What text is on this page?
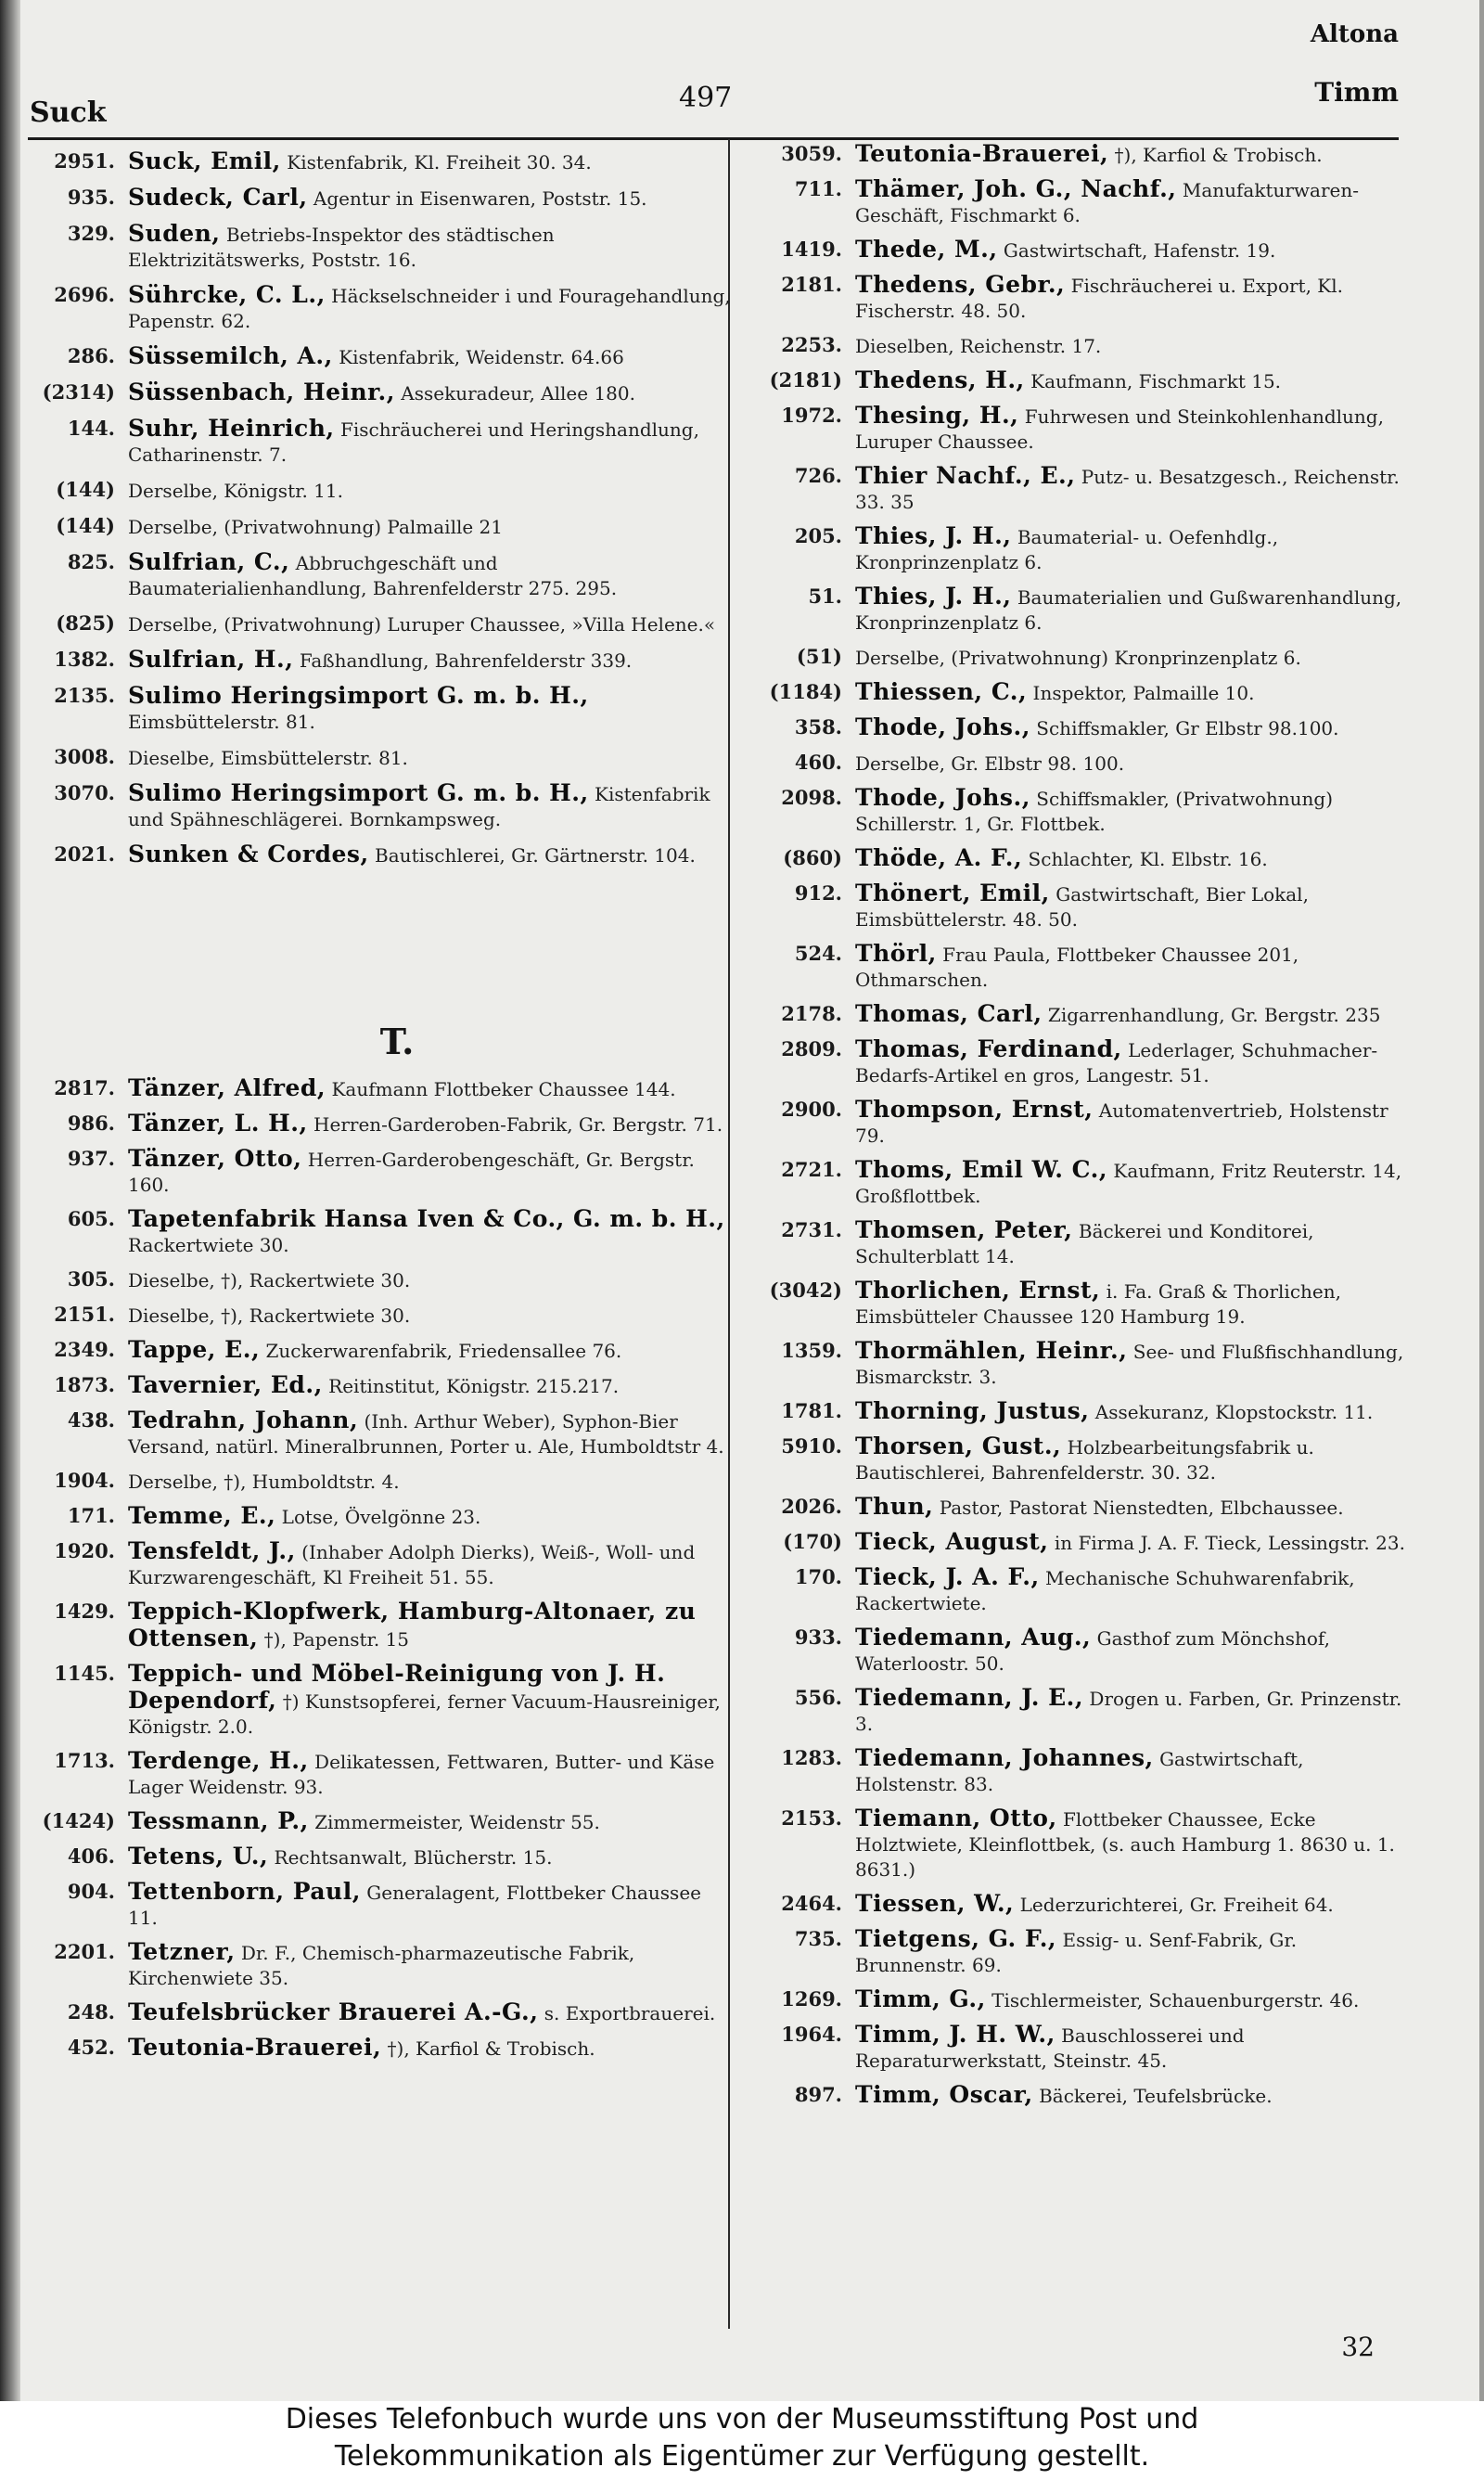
Suck	497
Altona
Timm
2951. Suck, Emil, Kistenfabrik, Kl. Freiheit 30. 34.
935. Sudeck, Carl, Agentur in Eisenwaren, Poststr. 15.
329. Suden, Betriebs-Inspektor des städtischen Elektrizitätswerks, Poststr. 16.
2696. Sührcke, C. L., Häckselschneider i und Fouragehandlung, Papenstr. 62.
286. Süssemilch, A., Kistenfabrik, Weidenstr. 64.66
(2314) Süssenbach, Heinr., Assekuradeur, Allee 180.
144. Suhr, Heinrich, Fischräucherei und Heringshandlung, Catharinenstr. 7.
(144) Derselbe, Königstr. 11.
(144) Derselbe, (Privatwohnung) Palmaille 21
825. Sulfrian, C., Abbruchgeschäft und Baumaterialienhandlung, Bahrenfelderstr 275. 295.
(825) Derselbe, (Privatwohnung) Luruper Chaussee, »Villa Helene.«
1382. Sulfrian, H., Faßhandlung, Bahrenfelderstr 339.
2135. Sulimo Heringsimport G. m. b. H., Eimsbüttelerstr. 81.
3008. Dieselbe, Eimsbüttelerstr. 81.
3070. Sulimo Heringsimport G. m. b. H., Kistenfabrik und Spähneschlägerei. Bornkampsweg.
2021. Sunken & Cordes, Bautischlerei, Gr. Gärtnerstr. 104.
T.
2817. Tänzer, Alfred, Kaufmann Flottbeker Chaussee 144.
986. Tänzer, L. H., Herren-Garderoben-Fabrik, Gr. Bergstr. 71.
937. Tänzer, Otto, Herren-Garderobengeschäft, Gr. Bergstr. 160.
605. Tapetenfabrik Hansa Iven & Co., G. m. b. H., Rackertwiete 30.
305. Dieselbe, †), Rackertwiete 30.
2151. Dieselbe, †), Rackertwiete 30.
2349. Tappe, E., Zuckerwarenfabrik, Friedensallee 76.
1873. Tavernier, Ed., Reitinstitut, Königstr. 215.217.
438. Tedrahn, Johann, (Inh. Arthur Weber), Syphon-Bier Versand, natürl. Mineralbrunnen, Porter u. Ale, Humboldtstr 4.
1904. Derselbe, †), Humboldtstr. 4.
171. Temme, E., Lotse, Övelgönne 23.
1920. Tensfeldt, J., (Inhaber Adolph Dierks), Weiß-, Woll- und Kurzwarengeschäft, Kl Freiheit 51. 55.
1429. Teppich-Klopfwerk, Hamburg-Altonaer, zu Ottensen, †), Papenstr. 15
1145. Teppich- und Möbel-Reinigung von J. H. Dependorf, †) Kunstsopferei, ferner Vacuum-Hausreiniger, Königstr. 2.0.
1713. Terdenge, H., Delikatessen, Fettwaren, Butter- und Käse Lager Weidenstr. 93.
(1424) Tessmann, P., Zimmermeister, Weidenstr 55.
406. Tetens, U., Rechtsanwalt, Blücherstr. 15.
904. Tettenborn, Paul, Generalagent, Flottbeker Chaussee 11.
2201. Tetzner, Dr. F., Chemisch-pharmazeutische Fabrik, Kirchenwiete 35.
248. Teufelsbrücker Brauerei A.-G., s. Exportbrauerei.
452. Teutonia-Brauerei, †), Karfiol & Trobisch.
3059. Teutonia-Brauerei, †), Karfiol & Trobisch.
711. Thämer, Joh. G., Nachf., Manufakturwaren-Geschäft, Fischmarkt 6.
1419. Thede, M., Gastwirtschaft, Hafenstr. 19.
2181. Thedens, Gebr., Fischräucherei u. Export, Kl. Fischerstr. 48. 50.
2253. Dieselben, Reichenstr. 17.
(2181) Thedens, H., Kaufmann, Fischmarkt 15.
1972. Thesing, H., Fuhrwesen und Steinkohlenhandlung, Luruper Chaussee.
726. Thier Nachf., E., Putz- u. Besatzgesch., Reichenstr. 33. 35
205. Thies, J. H., Baumaterial- u. Oefenhdlg., Kronprinzenplatz 6.
51. Thies, J. H., Baumaterialien und Gußwarenhandlung, Kronprinzenplatz 6.
(51) Derselbe, (Privatwohnung) Kronprinzenplatz 6.
(1184) Thiessen, C., Inspektor, Palmaille 10.
358. Thode, Johs., Schiffsmakler, Gr Elbstr 98.100.
460. Derselbe, Gr. Elbstr 98. 100.
2098. Thode, Johs., Schiffsmakler, (Privatwohnung) Schillerstr. 1, Gr. Flottbek.
(860) Thöde, A. F., Schlachter, Kl. Elbstr. 16.
912. Thönert, Emil, Gastwirtschaft, Bier Lokal, Eimsbüttelerstr. 48. 50.
524. Thörl, Frau Paula, Flottbeker Chaussee 201, Othmarschen.
2178. Thomas, Carl, Zigarrenhandlung, Gr. Bergstr. 235
2809. Thomas, Ferdinand, Lederlager, Schuhmacher-Bedarfs-Artikel en gros, Langestr. 51.
2900. Thompson, Ernst, Automatenvertrieb, Holstenstr 79.
2721. Thoms, Emil W. C., Kaufmann, Fritz Reuterstr. 14, Großflottbek.
2731. Thomsen, Peter, Bäckerei und Konditorei, Schulterblatt 14.
(3042) Thorlichen, Ernst, i. Fa. Graß & Thorlichen, Eimsbütteler Chaussee 120 Hamburg 19.
1359. Thormählen, Heinr., See- und Flußfischhandlung, Bismarckstr. 3.
1781. Thorning, Justus, Assekuranz, Klopstockstr. 11.
5910. Thorsen, Gust., Holzbearbeitungsfabrik u. Bautischlerei, Bahrenfelderstr. 30. 32.
2026. Thun, Pastor, Pastorat Nienstedten, Elbchaussee.
(170) Tieck, August, in Firma J. A. F. Tieck, Lessingstr. 23.
170. Tieck, J. A. F., Mechanische Schuhwarenfabrik, Rackertwiete.
933. Tiedemann, Aug., Gasthof zum Mönchshof, Waterloostr. 50.
556. Tiedemann, J. E., Drogen u. Farben, Gr. Prinzenstr. 3.
1283. Tiedemann, Johannes, Gastwirtschaft, Holstenstr. 83.
2153. Tiemann, Otto, Flottbeker Chaussee, Ecke Holztwiete, Kleinflottbek, (s. auch Hamburg 1. 8630 u. 1. 8631.)
2464. Tiessen, W., Lederzurichterei, Gr. Freiheit 64.
735. Tietgens, G. F., Essig- u. Senf-Fabrik, Gr. Brunnenstr. 69.
1269. Timm, G., Tischlermeister, Schauenburgerstr. 46.
1964. Timm, J. H. W., Bauschlosserei und Reparaturwerkstatt, Steinstr. 45.
897. Timm, Oscar, Bäckerei, Teufelsbrücke.
32
Dieses Telefonbuch wurde uns von der Museumsstiftung Post und
Telekommunikation als Eigentümer zur Verfügung gestellt.
